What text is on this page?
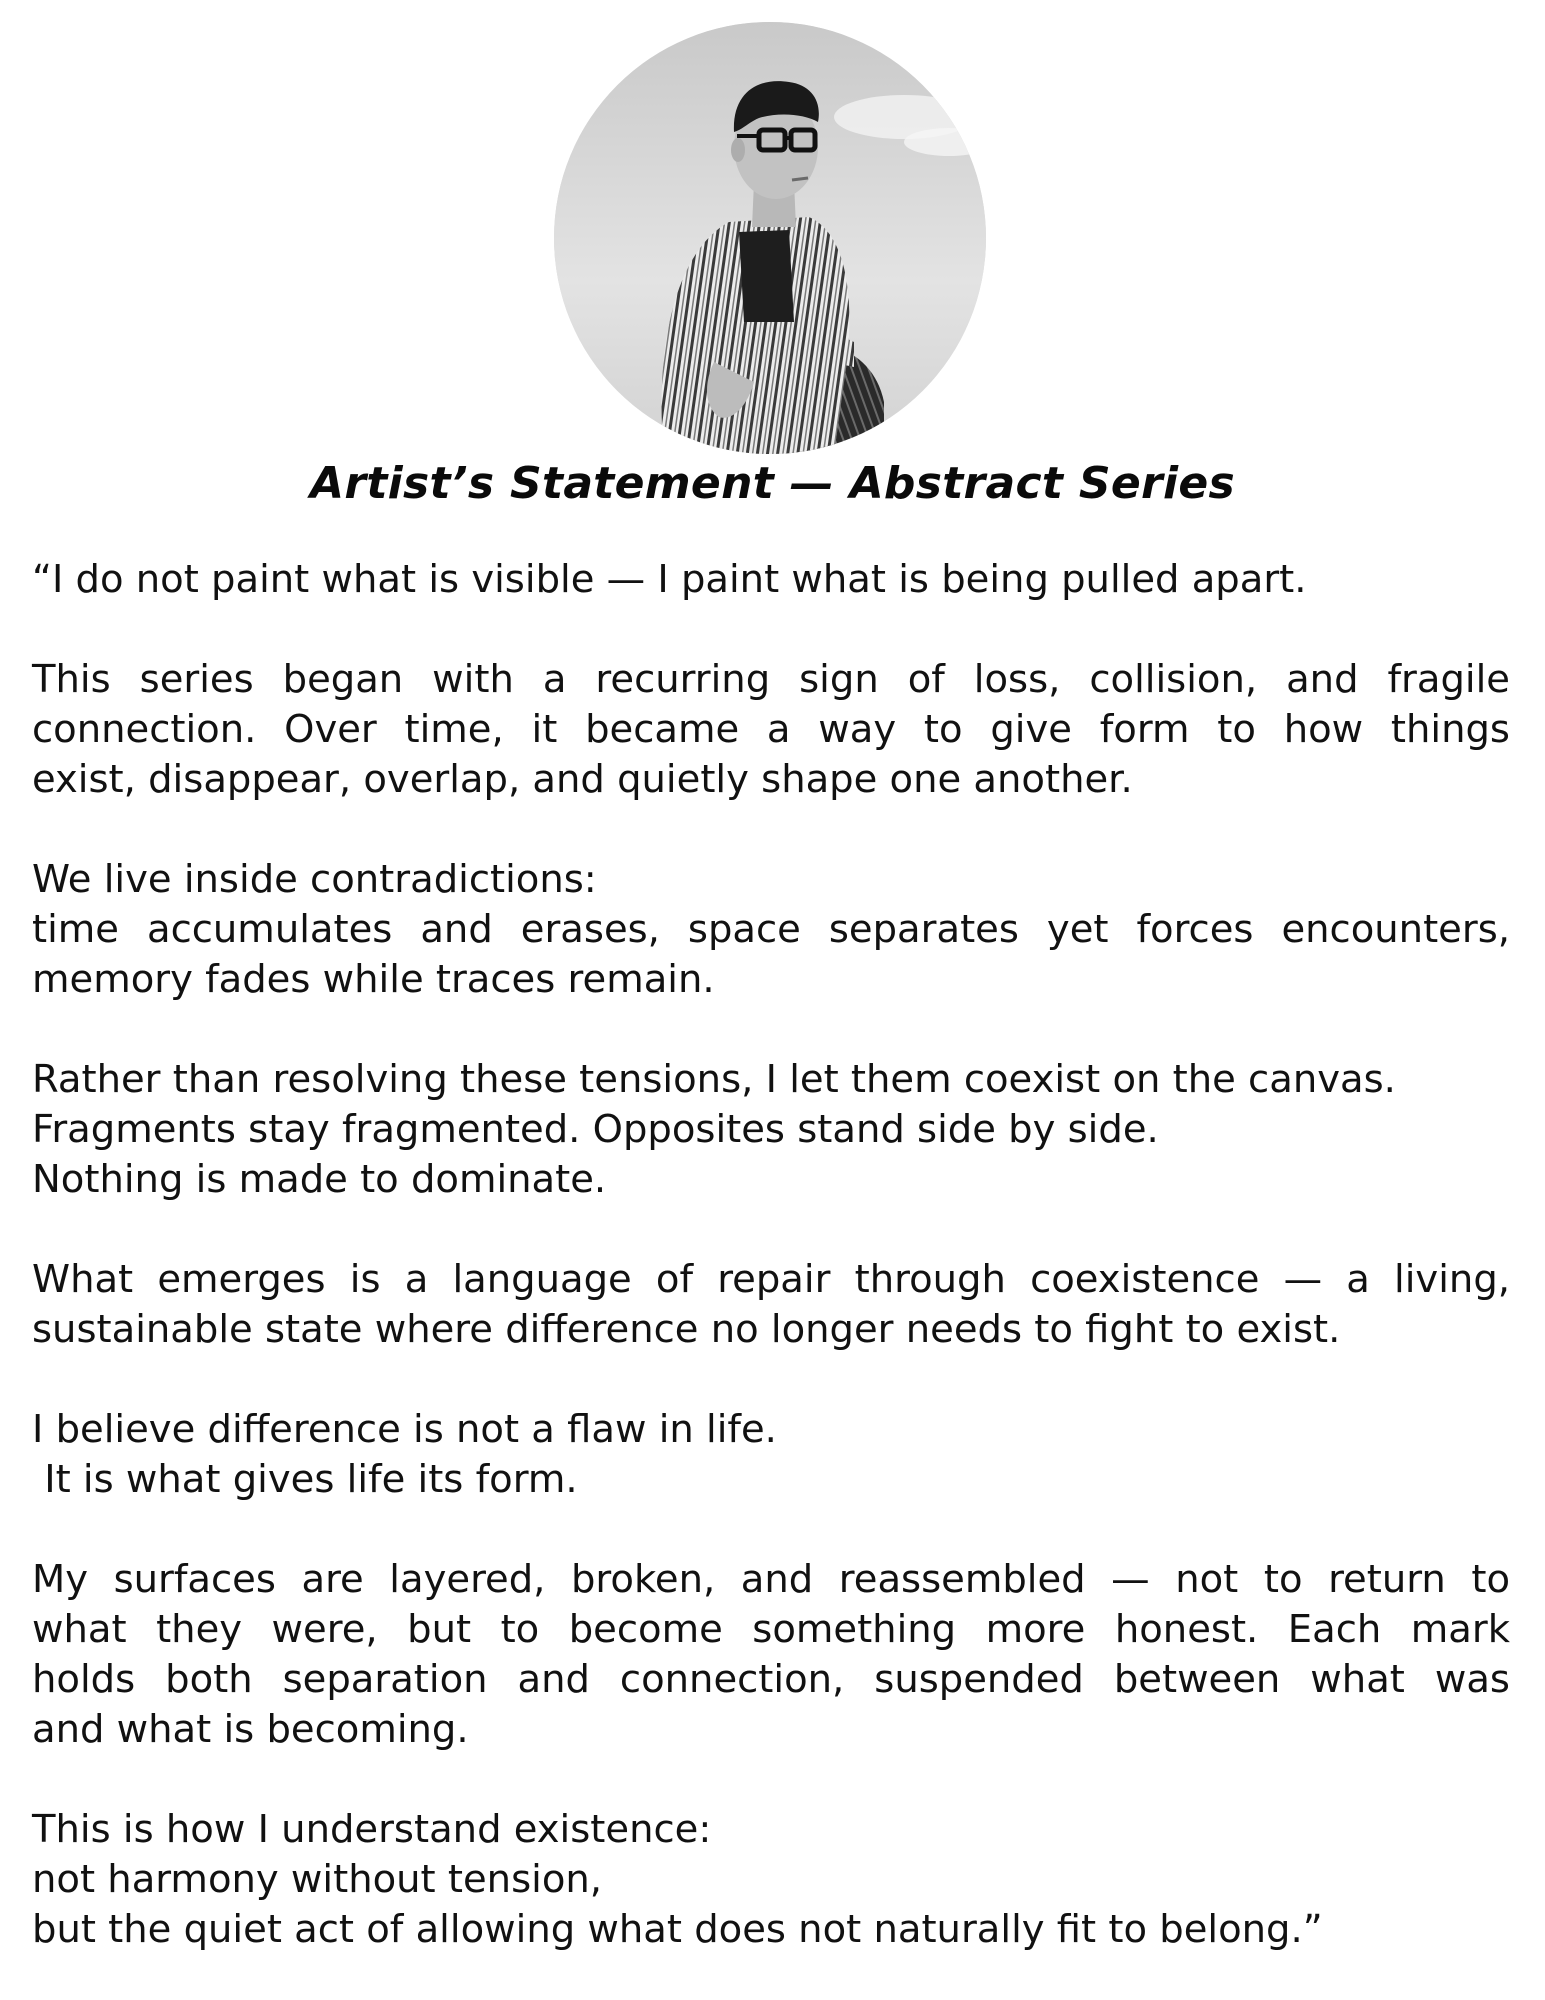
Artist’s Statement — Abstract Series
“I do not paint what is visible — I paint what is being pulled apart.
This series began with a recurring sign of loss, collision, and fragile
connection. Over time, it became a way to give form to how things
exist, disappear, overlap, and quietly shape one another.
We live inside contradictions:
time accumulates and erases, space separates yet forces encounters,
memory fades while traces remain.
Rather than resolving these tensions, I let them coexist on the canvas.
Fragments stay fragmented. Opposites stand side by side.
Nothing is made to dominate.
What emerges is a language of repair through coexistence — a living,
sustainable state where difference no longer needs to fight to exist.
I believe difference is not a flaw in life.
It is what gives life its form.
My surfaces are layered, broken, and reassembled — not to return to
what they were, but to become something more honest. Each mark
holds both separation and connection, suspended between what was
and what is becoming.
This is how I understand existence:
not harmony without tension,
but the quiet act of allowing what does not naturally fit to belong.”
